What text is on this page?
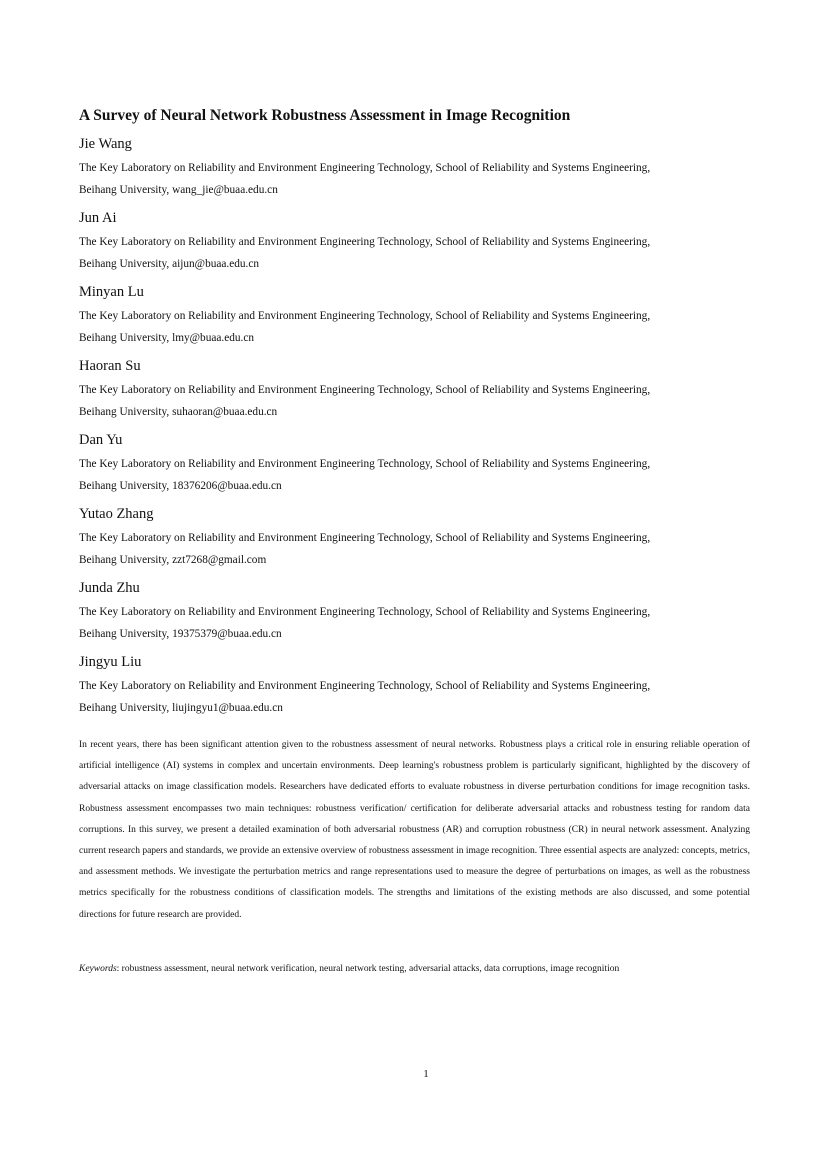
A Survey of Neural Network Robustness Assessment in Image Recognition
Jie Wang
The Key Laboratory on Reliability and Environment Engineering Technology, School of Reliability and Systems Engineering,
Beihang University, wang_jie@buaa.edu.cn
Jun Ai
The Key Laboratory on Reliability and Environment Engineering Technology, School of Reliability and Systems Engineering,
Beihang University, aijun@buaa.edu.cn
Minyan Lu
The Key Laboratory on Reliability and Environment Engineering Technology, School of Reliability and Systems Engineering,
Beihang University, lmy@buaa.edu.cn
Haoran Su
The Key Laboratory on Reliability and Environment Engineering Technology, School of Reliability and Systems Engineering,
Beihang University, suhaoran@buaa.edu.cn
Dan Yu
The Key Laboratory on Reliability and Environment Engineering Technology, School of Reliability and Systems Engineering,
Beihang University, 18376206@buaa.edu.cn
Yutao Zhang
The Key Laboratory on Reliability and Environment Engineering Technology, School of Reliability and Systems Engineering,
Beihang University, zzt7268@gmail.com
Junda Zhu
The Key Laboratory on Reliability and Environment Engineering Technology, School of Reliability and Systems Engineering,
Beihang University, 19375379@buaa.edu.cn
Jingyu Liu
The Key Laboratory on Reliability and Environment Engineering Technology, School of Reliability and Systems Engineering,
Beihang University, liujingyu1@buaa.edu.cn
In recent years, there has been significant attention given to the robustness assessment of neural networks. Robustness plays a critical role in ensuring reliable operation of artificial intelligence (AI) systems in complex and uncertain environments. Deep learning's robustness problem is particularly significant, highlighted by the discovery of adversarial attacks on image classification models. Researchers have dedicated efforts to evaluate robustness in diverse perturbation conditions for image recognition tasks. Robustness assessment encompasses two main techniques: robustness verification/ certification for deliberate adversarial attacks and robustness testing for random data corruptions. In this survey, we present a detailed examination of both adversarial robustness (AR) and corruption robustness (CR) in neural network assessment. Analyzing current research papers and standards, we provide an extensive overview of robustness assessment in image recognition. Three essential aspects are analyzed: concepts, metrics, and assessment methods. We investigate the perturbation metrics and range representations used to measure the degree of perturbations on images, as well as the robustness metrics specifically for the robustness conditions of classification models. The strengths and limitations of the existing methods are also discussed, and some potential directions for future research are provided.
Keywords: robustness assessment, neural network verification, neural network testing, adversarial attacks, data corruptions, image recognition
1
